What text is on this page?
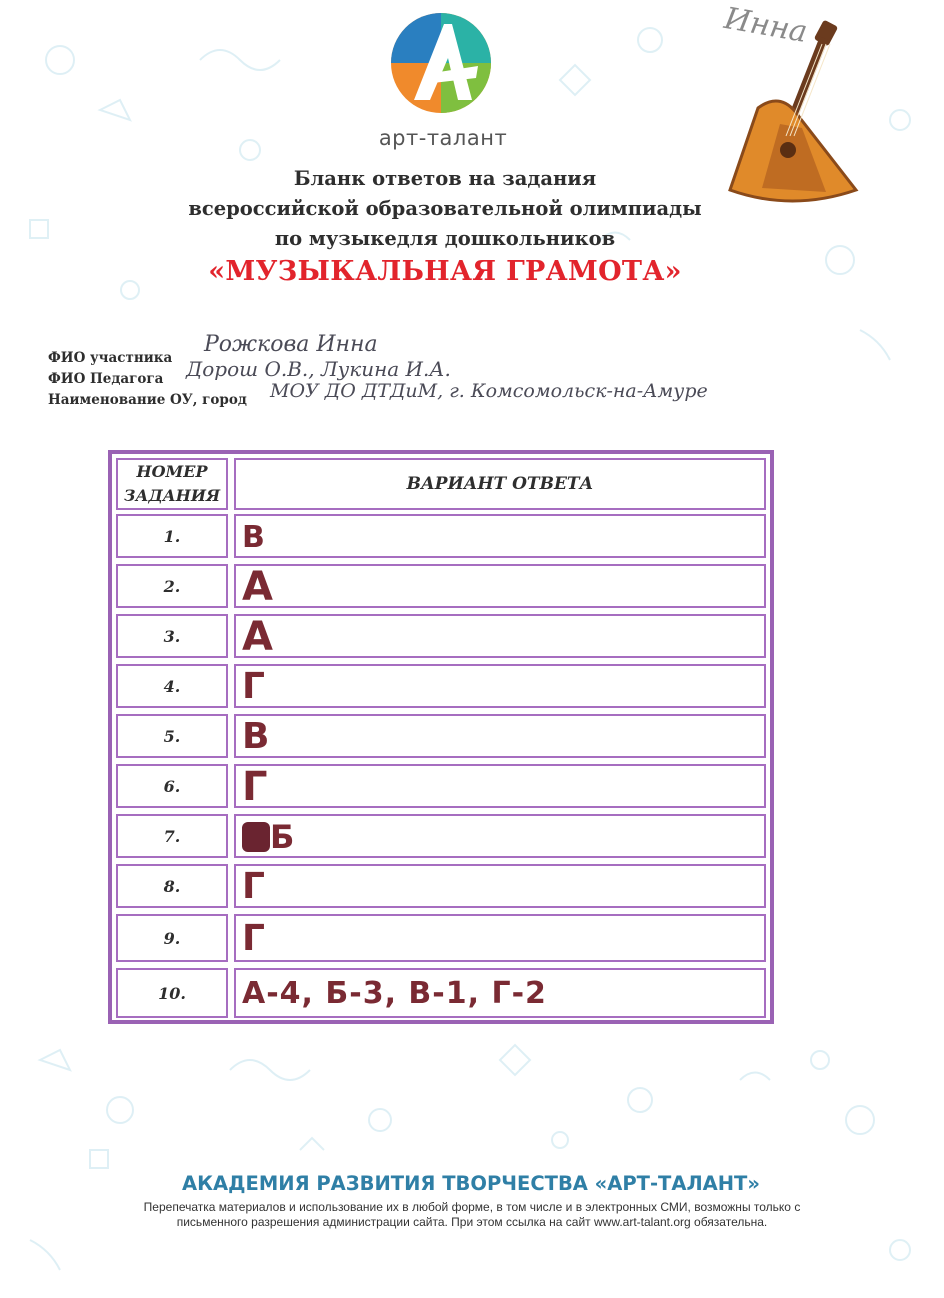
арт-талант
Инна
Бланк ответов на задания
всероссийской образовательной олимпиады
по музыкедля дошкольников
«МУЗЫКАЛЬНАЯ ГРАМОТА»
ФИО участника
Рожкова Инна
ФИО Педагога Дорош О.В., Лукина И.А.
Наименование ОУ, город МОУ ДО ДТДиМ, г. Комсомольск-на-Амуре
НОМЕР ЗАДАНИЯ
ВАРИАНТ ОТВЕТА
1.	В
2.	А
3.	А
4.	Г
5.	В
6.	Г
7.	Б
8.	Г
9.	Г
10.	А-4, Б-3, В-1, Г-2
АКАДЕМИЯ РАЗВИТИЯ ТВОРЧЕСТВА «АРТ-ТАЛАНТ»
Перепечатка материалов и использование их в любой форме, в том числе и в электронных СМИ, возможны только с
письменного разрешения администрации сайта. При этом ссылка на сайт www.art-talant.org обязательна.
